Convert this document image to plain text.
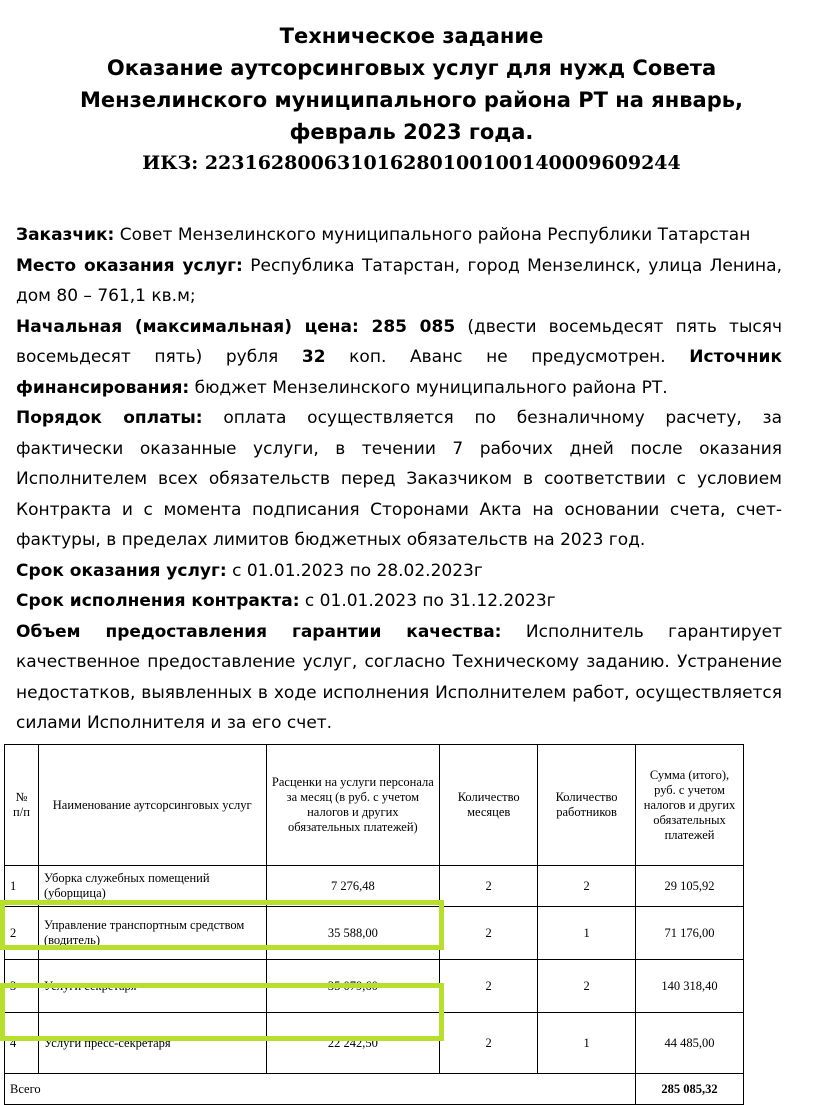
Техническое задание
Оказание аутсорсинговых услуг для нужд Совета
Мензелинского муниципального района РТ на январь,
февраль 2023 года.
ИКЗ: 223162800631016280100100140009609244

Заказчик: Совет Мензелинского муниципального района Республики Татарстан

Место оказания услуг: Республика Татарстан, город Мензелинск, улица Ленина, дом 80 – 761,1 кв.м;

Начальная (максимальная) цена: 285 085 (двести восемьдесят пять тысяч восемьдесят пять) рубля 32 коп. Аванс не предусмотрен. Источник финансирования: бюджет Мензелинского муниципального района РТ.

Порядок оплаты: оплата осуществляется по безналичному расчету, за фактически оказанные услуги, в течении 7 рабочих дней после оказания Исполнителем всех обязательств перед Заказчиком в соответствии с условием Контракта и с момента подписания Сторонами Акта на основании счета, счет-фактуры, в пределах лимитов бюджетных обязательств на 2023 год.

Срок оказания услуг: с 01.01.2023 по 28.02.2023г

Срок исполнения контракта: с 01.01.2023 по 31.12.2023г

Объем предоставления гарантии качества: Исполнитель гарантирует качественное предоставление услуг, согласно Техническому заданию. Устранение недостатков, выявленных в ходе исполнения Исполнителем работ, осуществляется силами Исполнителя и за его счет.

№ п/п	Наименование аутсорсинговых услуг	Расценки на услуги персонала за месяц (в руб. с учетом налогов и других обязательных платежей)	Количество месяцев	Количество работников	Сумма (итого), руб. с учетом налогов и других обязательных платежей
1	Уборка служебных помещений (уборщица)	7 276,48	2	2	29 105,92
2	Управление транспортным средством (водитель)	35 588,00	2	1	71 176,00
3	Услуги секретаря	35 079,60	2	2	140 318,40
4	Услуги пресс-секретаря	22 242,50	2	1	44 485,00
Всего					285 085,32
